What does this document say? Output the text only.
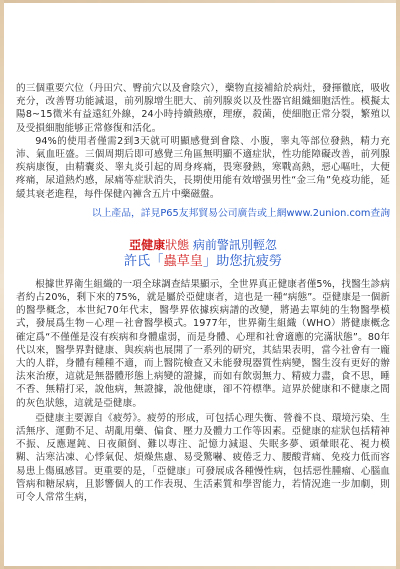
的三個重要穴位（丹田穴、臀前穴以及會陰穴），藥物直接補給於病灶，發揮徹底，吸收充分，改善腎功能減退，前列腺增生肥大、前列腺炎以及性器官組織細胞活性。模擬太陽8~15微米有益遠紅外線，24小時持續熱療，理療，殺菌，使細胞正常分裂，繁殖以及受損細胞能够正常修復和活化。

94%的使用者僅需2到3天就可明顯感覺到會陰、小腹，睾丸等部位發熱，精力充沛、氣血旺盛。三個周期后即可感覺三角區無明顯不適症狀，性功能障礙改善，前列腺疾病康復，由精囊炎、睾丸炎引起的周身疼痛，畏寒發熱，寒戰高熱，惡心嘔吐，大便疼痛，尿道熱灼感，尿痛等症狀消失，長期使用能有效增强男性“金三角”免疫功能，延緩其衰老進程，每件保健內褲含五片中藥磁盤。

以上產品，詳見P65友邦貿易公司廣告或上網www.2union.com查詢

亞健康狀態 病前警訊別輕忽
許氏「蟲草皇」助您抗疲勞

根據世界衛生組織的一項全球調查結果顯示，全世界真正健康者僅5%，找醫生診病者約占20%，剩下來的75%，就是屬於亞健康者，這也是一種“病態”。亞健康是一個新的醫學概念，本世紀70年代末，醫學界依據疾病譜的改變，將過去單純的生物醫學模式，發展爲生物－心理－社會醫學模式。1977年，世界衛生組織（WHO）將健康概念確定爲“不僅僅是沒有疾病和身體虛弱，而是身體、心理和社會適應的完滿狀態”。80年代以來，醫學界對健康、與疾病也展開了一系列的研究，其結果表明，當今社會有一龐大的人群，身體有種種不適，而上醫院檢查又未能發現器質性病變，醫生沒有更好的辦法來治療，這就是無器體形態上病變的證據，而如有飲弱無力、精疲力盡，食不思，睡不香、無精打采，說他病，無證據，說他健康，卻不符標準。這界於健康和不健康之間的灰色狀態，這就是亞健康。

亞健康主要源自《疲勞》。疲勞的形成，可包括心理失衡、營養不良、環境污染、生活無序、運動不足、胡亂用藥、偏食、壓力及體力工作等因素。亞健康的症狀包括精神不振、反應遲鈍、日夜顛倒、難以專注、記憶力減退、失眠多夢、頭暈眼花、視力模糊、沾寒沾凍、心悸氣促、煩燥焦慮、易受驚嚇、疲倦乏力、腰酸背痛、免疫力低而容易患上傷風感冒。更重要的是，「亞健康」可發展成各種慢性病，包括惡性腫瘤、心腦血管病和糖尿病，且影響個人的工作表現、生活素質和學習能力，若情況進一步加劇，則可令人常常生病，
